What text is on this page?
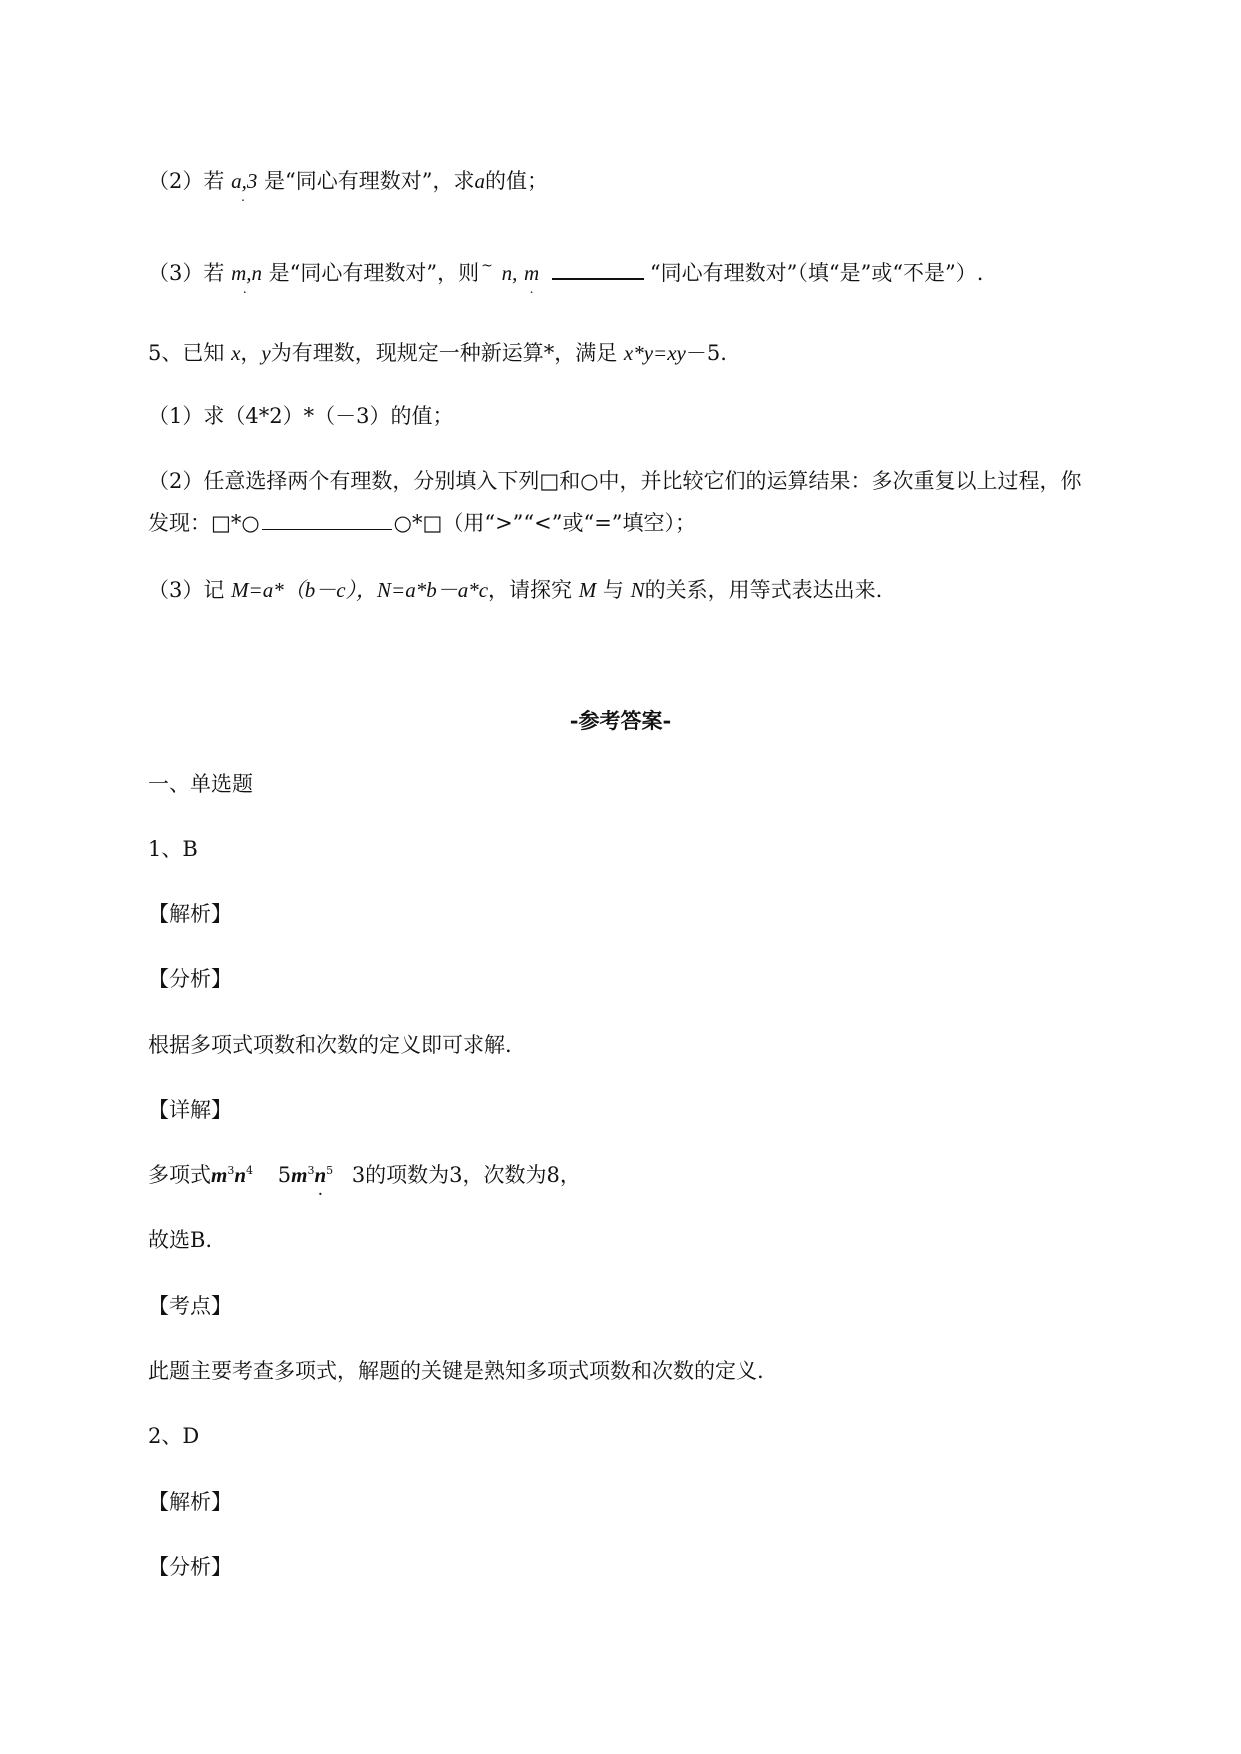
（2）若 a,3 . 是“同心有理数对”，求a的值；
（3）若 m,n . 是“同心有理数对”，则 ~ n, m .	“同心有理数对”（填“是”或“不是”）.
5、已知 x，y为有理数，现规定一种新运算*，满足 x*y=xy－5.
（1）求（4*2）*（－3）的值；
（2）任意选择两个有理数，分别填入下列□和○中，并比较它们的运算结果：多次重复以上过程，你
发现：□*○	○*□（用“>”“<”或“=”填空）；
（3）记 M=a*（b－c），N=a*b－a*c，请探究 M 与 N的关系，用等式表达出来.
-参考答案-
一、单选题
1、B
【解析】
【分析】
根据多项式项数和次数的定义即可求解.
【详解】
多项式$m^3n^4$ $5m^3n$ .$^5$ 3的项数为3，次数为8，
故选B.
【考点】
此题主要考查多项式，解题的关键是熟知多项式项数和次数的定义.
2、D
【解析】
【分析】
